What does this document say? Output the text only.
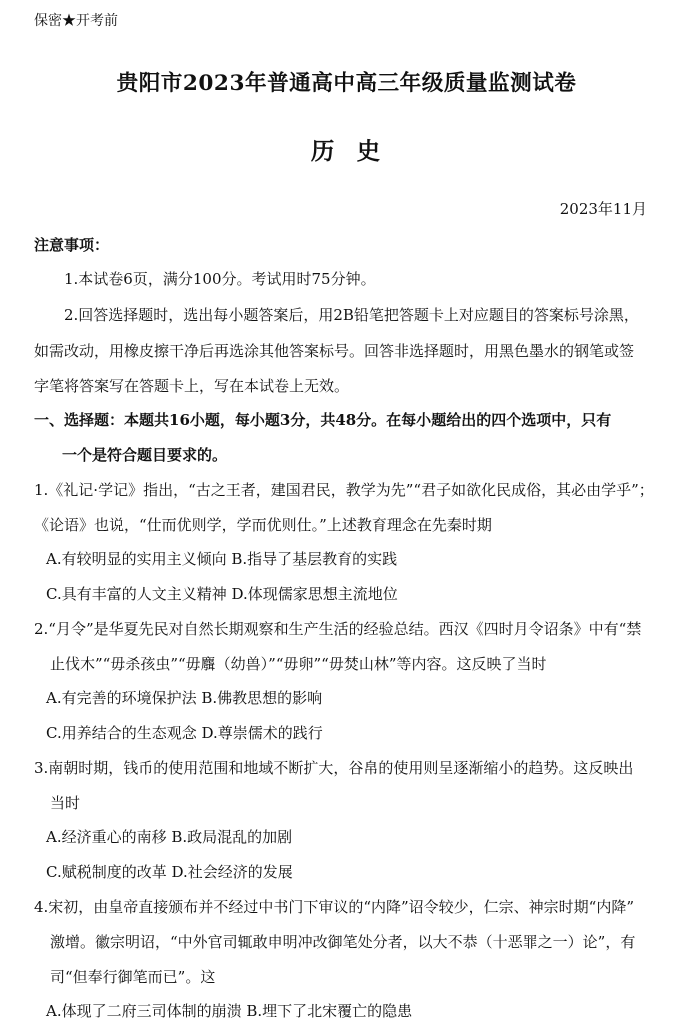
保密★开考前
贵阳市2023年普通高中高三年级质量监测试卷
历  史
2023年11月
注意事项：
1.本试卷6页，满分100分。考试用时75分钟。
2.回答选择题时，选出每小题答案后，用2B铅笔把答题卡上对应题目的答案标号涂黑，
如需改动，用橡皮擦干净后再选涂其他答案标号。回答非选择题时，用黑色墨水的钢笔或签
字笔将答案写在答题卡上，写在本试卷上无效。
一、选择题：本题共16小题，每小题3分，共48分。在每小题给出的四个选项中，只有
一个是符合题目要求的。
1.《礼记·学记》指出，“古之王者，建国君民，教学为先”“君子如欲化民成俗，其必由学乎”；
《论语》也说，“仕而优则学，学而优则仕。”上述教育理念在先秦时期
A.有较明显的实用主义倾向 B.指导了基层教育的实践
C.具有丰富的人文主义精神 D.体现儒家思想主流地位
2.“月令”是华夏先民对自然长期观察和生产生活的经验总结。西汉《四时月令诏条》中有“禁
止伐木”“毋杀孩虫”“毋麛（幼兽）”“毋卵”“毋焚山林”等内容。这反映了当时
A.有完善的环境保护法 B.佛教思想的影响
C.用养结合的生态观念 D.尊崇儒术的践行
3.南朝时期，钱币的使用范围和地域不断扩大，谷帛的使用则呈逐渐缩小的趋势。这反映出
当时
A.经济重心的南移 B.政局混乱的加剧
C.赋税制度的改革 D.社会经济的发展
4.宋初，由皇帝直接颁布并不经过中书门下审议的“内降”诏令较少，仁宗、神宗时期“内降”
激增。徽宗明诏，“中外官司辄敢申明冲改御笔处分者，以大不恭（十恶罪之一）论”，有
司“但奉行御笔而已”。这
A.体现了二府三司体制的崩溃 B.埋下了北宋覆亡的隐患
